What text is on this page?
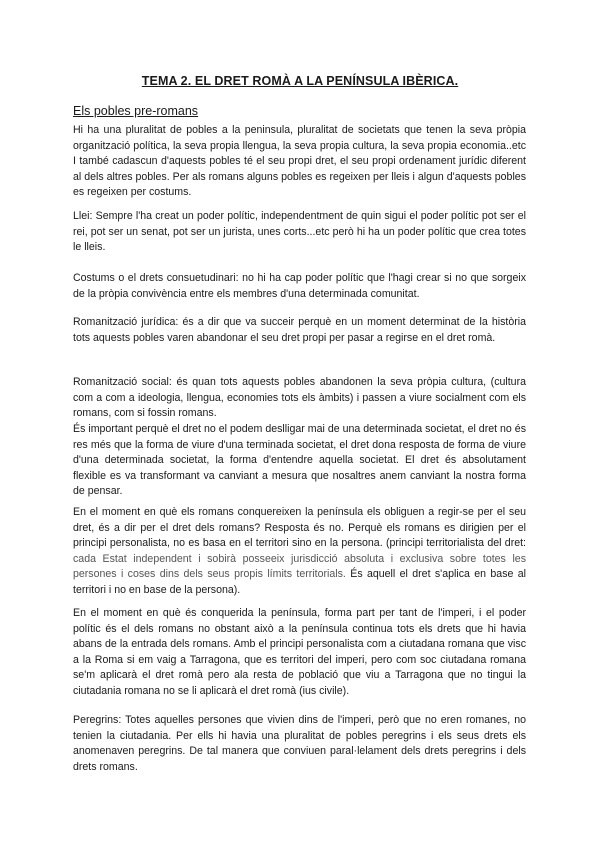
TEMA 2. EL DRET ROMÀ A LA PENÍNSULA IBÈRICA.
Els pobles pre-romans

Hi ha una pluralitat de pobles a la peninsula, pluralitat de societats que tenen la seva pròpia organització política, la seva propia llengua, la seva propia cultura, la seva propia economia..etc I també cadascun d'aquests pobles té el seu propi dret, el seu propi ordenament jurídic diferent al dels altres pobles. Per als romans alguns pobles es regeixen per lleis i algun d'aquests pobles es regeixen per costums.

Llei: Sempre l'ha creat un poder polític, independentment de quin sigui el poder polític pot ser el rei, pot ser un senat, pot ser un jurista, unes corts...etc però hi ha un poder polític que crea totes le lleis.

Costums o el drets consuetudinari: no hi ha cap poder polític que l'hagi crear si no que sorgeix de la pròpia convivència entre els membres d'una determinada comunitat.

Romanització jurídica: és a dir que va succeir perquè en un moment determinat de la història tots aquests pobles varen abandonar el seu dret propi per pasar a regirse en el dret romà.

Romanització social: és quan tots aquests pobles abandonen la seva pròpia cultura, (cultura com a com a ideologia, llengua, economies tots els àmbits) i passen a viure socialment com els romans, com si fossin romans.

És important perquè el dret no el podem deslligar mai de una determinada societat, el dret no és res més que la forma de viure d'una terminada societat, el dret dona resposta de forma de viure d'una determinada societat, la forma d'entendre aquella societat. El dret és absolutament flexible es va transformant va canviant a mesura que nosaltres anem canviant la nostra forma de pensar.

En el moment en què els romans conquereixen la península els obliguen a regir-se per el seu dret, és a dir per el dret dels romans? Resposta és no. Perquè els romans es dirigien per el principi personalista, no es basa en el territori sino en la persona. (principi territorialista del dret: cada Estat independent i sobirà posseeix jurisdicció absoluta i exclusiva sobre totes les persones i coses dins dels seus propis límits territorials. És aquell el dret s'aplica en base al territori i no en base de la persona).

En el moment en què és conquerida la península, forma part per tant de l'imperi, i el poder polític és el dels romans no obstant això a la península continua tots els drets que hi havia abans de la entrada dels romans. Amb el principi personalista com a ciutadana romana que visc a la Roma si em vaig a Tarragona, que es territori del imperi, pero com soc ciutadana romana se'm aplicarà el dret romà pero ala resta de població que viu a Tarragona que no tingui la ciutadania romana no se li aplicarà el dret romà (ius civile).

Peregrins: Totes aquelles persones que vivien dins de l'imperi, però que no eren romanes, no tenien la ciutadania. Per ells hi havia una pluralitat de pobles peregrins i els seus drets els anomenaven peregrins. De tal manera que conviuen paral·lelament dels drets peregrins i dels drets romans.
